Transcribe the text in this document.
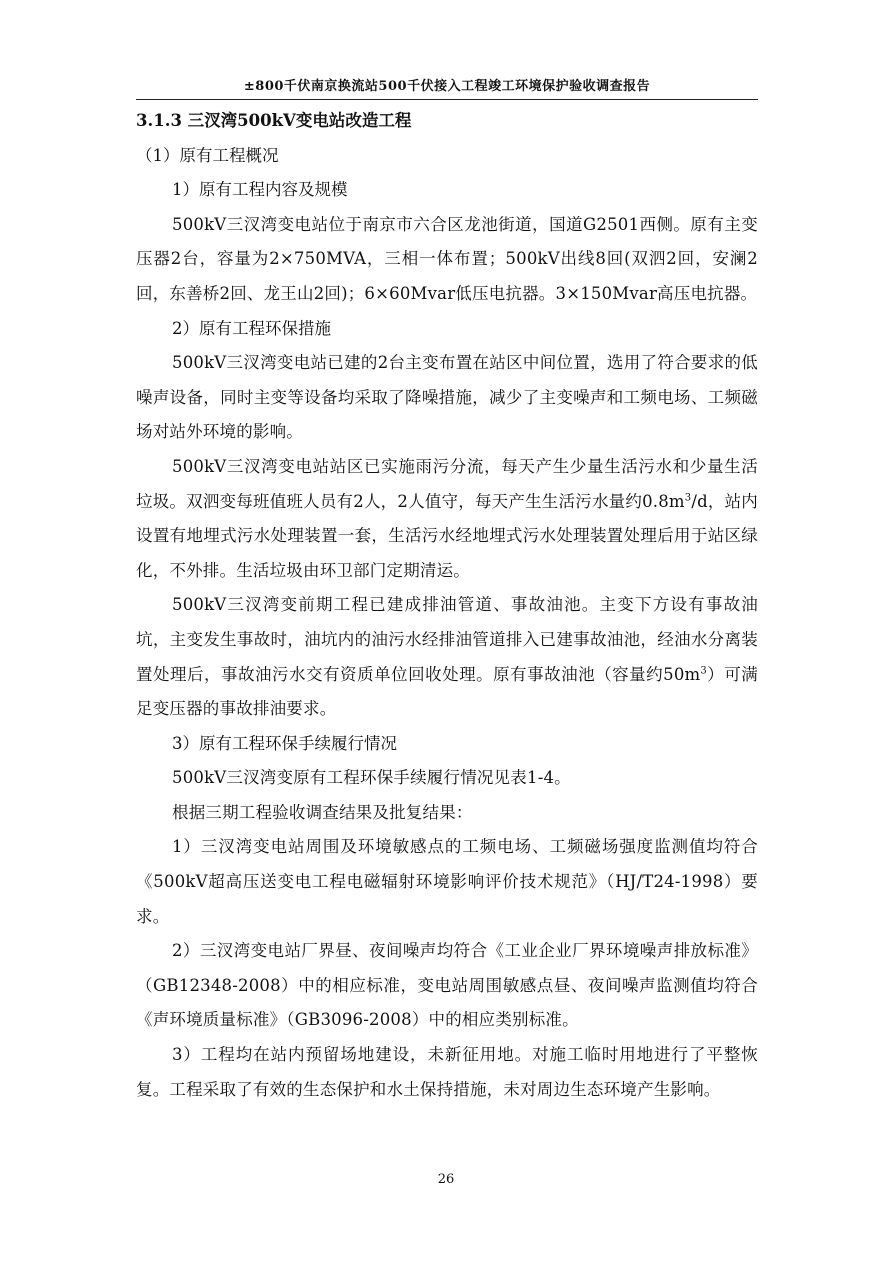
±800千伏南京换流站500千伏接入工程竣工环境保护验收调查报告

3.1.3 三汊湾500kV变电站改造工程

（1）原有工程概况

1）原有工程内容及规模

500kV三汊湾变电站位于南京市六合区龙池街道，国道G2501西侧。原有主变压器2台，容量为2×750MVA，三相一体布置；500kV出线8回(双泗2回，安澜2回，东善桥2回、龙王山2回)；6×60Mvar低压电抗器。3×150Mvar高压电抗器。

2）原有工程环保措施

500kV三汊湾变电站已建的2台主变布置在站区中间位置，选用了符合要求的低噪声设备，同时主变等设备均采取了降噪措施，减少了主变噪声和工频电场、工频磁场对站外环境的影响。

500kV三汊湾变电站站区已实施雨污分流，每天产生少量生活污水和少量生活垃圾。双泗变每班值班人员有2人，2人值守，每天产生生活污水量约$0.8m^3/d$，站内设置有地埋式污水处理装置一套，生活污水经地埋式污水处理装置处理后用于站区绿化，不外排。生活垃圾由环卫部门定期清运。

500kV三汊湾变前期工程已建成排油管道、事故油池。主变下方设有事故油坑，主变发生事故时，油坑内的油污水经排油管道排入已建事故油池，经油水分离装置处理后，事故油污水交有资质单位回收处理。原有事故油池（容量约$50m^3$）可满足变压器的事故排油要求。

3）原有工程环保手续履行情况

500kV三汊湾变原有工程环保手续履行情况见表1-4。

根据三期工程验收调查结果及批复结果：

1）三汊湾变电站周围及环境敏感点的工频电场、工频磁场强度监测值均符合《500kV超高压送变电工程电磁辐射环境影响评价技术规范》（HJ/T24-1998）要求。

2）三汊湾变电站厂界昼、夜间噪声均符合《工业企业厂界环境噪声排放标准》（GB12348-2008）中的相应标准，变电站周围敏感点昼、夜间噪声监测值均符合《声环境质量标准》（GB3096-2008）中的相应类别标准。

3）工程均在站内预留场地建设，未新征用地。对施工临时用地进行了平整恢复。工程采取了有效的生态保护和水土保持措施，未对周边生态环境产生影响。

26
